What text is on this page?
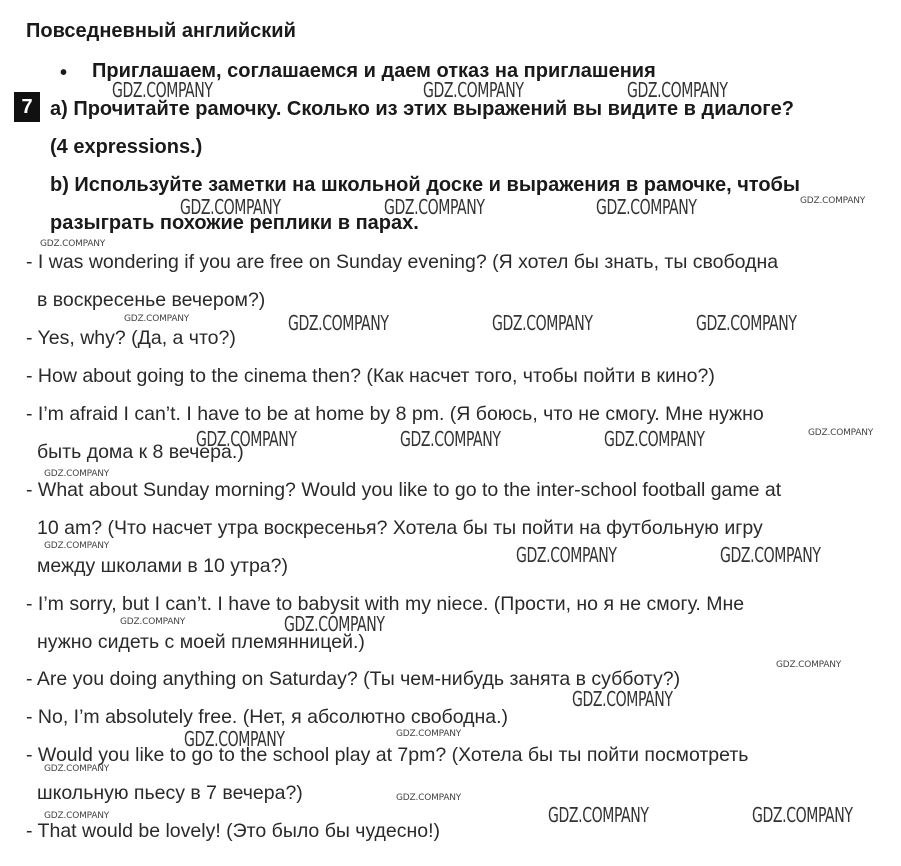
Повседневный английский
• Приглашаем, соглашаемся и даем отказ на приглашения
7 a) Прочитайте рамочку. Сколько из этих выражений вы видите в диалоге?
(4 expressions.)
b) Используйте заметки на школьной доске и выражения в рамочке, чтобы
разыграть похожие реплики в парах.
- I was wondering if you are free on Sunday evening? (Я хотел бы знать, ты свободна
в воскресенье вечером?)
- Yes, why? (Да, а что?)
- How about going to the cinema then? (Как насчет того, чтобы пойти в кино?)
- I’m afraid I can’t. I have to be at home by 8 pm. (Я боюсь, что не смогу. Мне нужно
быть дома к 8 вечера.)
- What about Sunday morning? Would you like to go to the inter-school football game at
10 am? (Что насчет утра воскресенья? Хотела бы ты пойти на футбольную игру
между школами в 10 утра?)
- I’m sorry, but I can’t. I have to babysit with my niece. (Прости, но я не смогу. Мне
нужно сидеть с моей племянницей.)
- Are you doing anything on Saturday? (Ты чем-нибудь занята в субботу?)
- No, I’m absolutely free. (Нет, я абсолютно свободна.)
- Would you like to go to the school play at 7pm? (Хотела бы ты пойти посмотреть
школьную пьесу в 7 вечера?)
- That would be lovely! (Это было бы чудесно!)
GDZ.COMPANY	GDZ.COMPANY	GDZ.COMPANY
GDZ.COMPANY	GDZ.COMPANY	GDZ.COMPANY
GDZ.COMPANY	GDZ.COMPANY	GDZ.COMPANY
GDZ.COMPANY	GDZ.COMPANY	GDZ.COMPANY
GDZ.COMPANY	GDZ.COMPANY
GDZ.COMPANY
GDZ.COMPANY
GDZ.COMPANY
GDZ.COMPANY	GDZ.COMPANY
GDZ.COMPANY
GDZ.COMPANY
GDZ.COMPANY
GDZ.COMPANY
GDZ.COMPANY
GDZ.COMPANY
GDZ.COMPANY
GDZ.COMPANY
GDZ.COMPANY
GDZ.COMPANY
GDZ.COMPANY
GDZ.COMPANY
